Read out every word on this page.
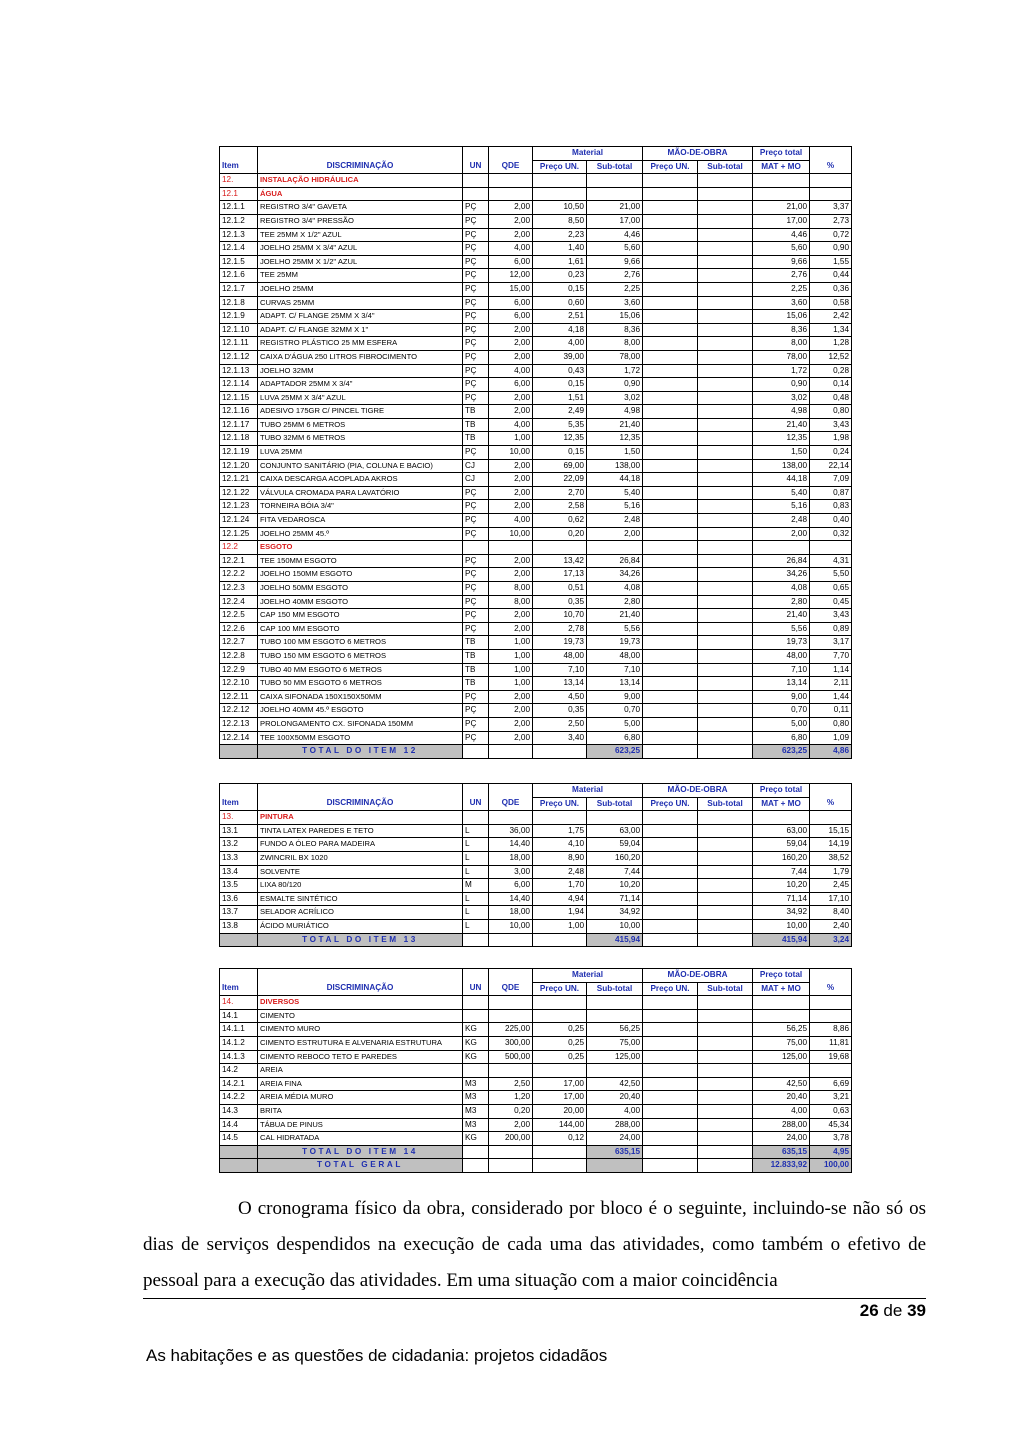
				Material		MÃO-DE-OBRA		Preço total	
Item	DISCRIMINAÇÃO	UN	QDE	Preço UN.	Sub-total	Preço UN.	Sub-total	MAT + MO	%
12.	INSTALAÇÃO HIDRÁULICA								
12.1	ÁGUA								
12.1.1	REGISTRO 3/4" GAVETA	PÇ	2,00	10,50	21,00			21,00	3,37
12.1.2	REGISTRO 3/4" PRESSÃO	PÇ	2,00	8,50	17,00			17,00	2,73
12.1.3	TEE 25MM X 1/2" AZUL	PÇ	2,00	2,23	4,46			4,46	0,72
12.1.4	JOELHO 25MM X 3/4" AZUL	PÇ	4,00	1,40	5,60			5,60	0,90
12.1.5	JOELHO 25MM X 1/2" AZUL	PÇ	6,00	1,61	9,66			9,66	1,55
12.1.6	TEE 25MM	PÇ	12,00	0,23	2,76			2,76	0,44
12.1.7	JOELHO 25MM	PÇ	15,00	0,15	2,25			2,25	0,36
12.1.8	CURVAS 25MM	PÇ	6,00	0,60	3,60			3,60	0,58
12.1.9	ADAPT. C/ FLANGE 25MM X 3/4"	PÇ	6,00	2,51	15,06			15,06	2,42
12.1.10	ADAPT. C/ FLANGE 32MM X 1"	PÇ	2,00	4,18	8,36			8,36	1,34
12.1.11	REGISTRO PLÁSTICO 25 MM ESFERA	PÇ	2,00	4,00	8,00			8,00	1,28
12.1.12	CAIXA D'ÁGUA 250 LITROS FIBROCIMENTO	PÇ	2,00	39,00	78,00			78,00	12,52
12.1.13	JOELHO 32MM	PÇ	4,00	0,43	1,72			1,72	0,28
12.1.14	ADAPTADOR 25MM X 3/4"	PÇ	6,00	0,15	0,90			0,90	0,14
12.1.15	LUVA 25MM X 3/4" AZUL	PÇ	2,00	1,51	3,02			3,02	0,48
12.1.16	ADESIVO 175GR C/ PINCEL TIGRE	TB	2,00	2,49	4,98			4,98	0,80
12.1.17	TUBO 25MM 6 METROS	TB	4,00	5,35	21,40			21,40	3,43
12.1.18	TUBO 32MM 6 METROS	TB	1,00	12,35	12,35			12,35	1,98
12.1.19	LUVA 25MM	PÇ	10,00	0,15	1,50			1,50	0,24
12.1.20	CONJUNTO SANITÁRIO (PIA, COLUNA E BACIO)	CJ	2,00	69,00	138,00			138,00	22,14
12.1.21	CAIXA DESCARGA ACOPLADA AKROS	CJ	2,00	22,09	44,18			44,18	7,09
12.1.22	VÁLVULA CROMADA PARA LAVATÓRIO	PÇ	2,00	2,70	5,40			5,40	0,87
12.1.23	TORNEIRA BÓIA 3/4"	PÇ	2,00	2,58	5,16			5,16	0,83
12.1.24	FITA VEDAROSCA	PÇ	4,00	0,62	2,48			2,48	0,40
12.1.25	JOELHO 25MM 45.º	PÇ	10,00	0,20	2,00			2,00	0,32
12.2	ESGOTO								
12.2.1	TEE 150MM ESGOTO	PÇ	2,00	13,42	26,84			26,84	4,31
12.2.2	JOELHO 150MM ESGOTO	PÇ	2,00	17,13	34,26			34,26	5,50
12.2.3	JOELHO 50MM ESGOTO	PÇ	8,00	0,51	4,08			4,08	0,65
12.2.4	JOELHO 40MM ESGOTO	PÇ	8,00	0,35	2,80			2,80	0,45
12.2.5	CAP 150 MM ESGOTO	PÇ	2,00	10,70	21,40			21,40	3,43
12.2.6	CAP 100 MM ESGOTO	PÇ	2,00	2,78	5,56			5,56	0,89
12.2.7	TUBO 100 MM ESGOTO 6 METROS	TB	1,00	19,73	19,73			19,73	3,17
12.2.8	TUBO 150 MM ESGOTO 6 METROS	TB	1,00	48,00	48,00			48,00	7,70
12.2.9	TUBO 40 MM ESGOTO 6 METROS	TB	1,00	7,10	7,10			7,10	1,14
12.2.10	TUBO 50 MM ESGOTO 6 METROS	TB	1,00	13,14	13,14			13,14	2,11
12.2.11	CAIXA SIFONADA 150X150X50MM	PÇ	2,00	4,50	9,00			9,00	1,44
12.2.12	JOELHO 40MM 45.º ESGOTO	PÇ	2,00	0,35	0,70			0,70	0,11
12.2.13	PROLONGAMENTO CX. SIFONADA 150MM	PÇ	2,00	2,50	5,00			5,00	0,80
12.2.14	TEE 100X50MM ESGOTO	PÇ	2,00	3,40	6,80			6,80	1,09
	TOTAL DO ITEM 12				623,25			623,25	4,86
				Material		MÃO-DE-OBRA		Preço total	
Item	DISCRIMINAÇÃO	UN	QDE	Preço UN.	Sub-total	Preço UN.	Sub-total	MAT + MO	%
13.	PINTURA								
13.1	TINTA LATEX PAREDES E TETO	L	36,00	1,75	63,00			63,00	15,15
13.2	FUNDO A ÓLEO PARA MADEIRA	L	14,40	4,10	59,04			59,04	14,19
13.3	ZWINCRIL BX 1020	L	18,00	8,90	160,20			160,20	38,52
13.4	SOLVENTE	L	3,00	2,48	7,44			7,44	1,79
13.5	LIXA 80/120	M	6,00	1,70	10,20			10,20	2,45
13.6	ESMALTE SINTÉTICO	L	14,40	4,94	71,14			71,14	17,10
13.7	SELADOR ACRÍLICO	L	18,00	1,94	34,92			34,92	8,40
13.8	ÁCIDO MURIÁTICO	L	10,00	1,00	10,00			10,00	2,40
	TOTAL DO ITEM 13				415,94			415,94	3,24
				Material		MÃO-DE-OBRA		Preço total	
Item	DISCRIMINAÇÃO	UN	QDE	Preço UN.	Sub-total	Preço UN.	Sub-total	MAT + MO	%
14.	DIVERSOS								
14.1	CIMENTO								
14.1.1	CIMENTO MURO	KG	225,00	0,25	56,25			56,25	8,86
14.1.2	CIMENTO ESTRUTURA E ALVENARIA ESTRUTURA	KG	300,00	0,25	75,00			75,00	11,81
14.1.3	CIMENTO REBOCO TETO E PAREDES	KG	500,00	0,25	125,00			125,00	19,68
14.2	AREIA								
14.2.1	AREIA FINA	M3	2,50	17,00	42,50			42,50	6,69
14.2.2	AREIA MÉDIA MURO	M3	1,20	17,00	20,40			20,40	3,21
14.3	BRITA	M3	0,20	20,00	4,00			4,00	0,63
14.4	TÁBUA DE PINUS	M3	2,00	144,00	288,00			288,00	45,34
14.5	CAL HIDRATADA	KG	200,00	0,12	24,00			24,00	3,78
	TOTAL DO ITEM 14				635,15			635,15	4,95
	TOTAL GERAL							12.833,92	100,00

O cronograma físico da obra, considerado por bloco é o seguinte, incluindo-se não só os dias de serviços despendidos na execução de cada uma das atividades, como também o efetivo de pessoal para a execução das atividades. Em uma situação com a maior coincidência

26 de 39
As habitações e as questões de cidadania: projetos cidadãos
